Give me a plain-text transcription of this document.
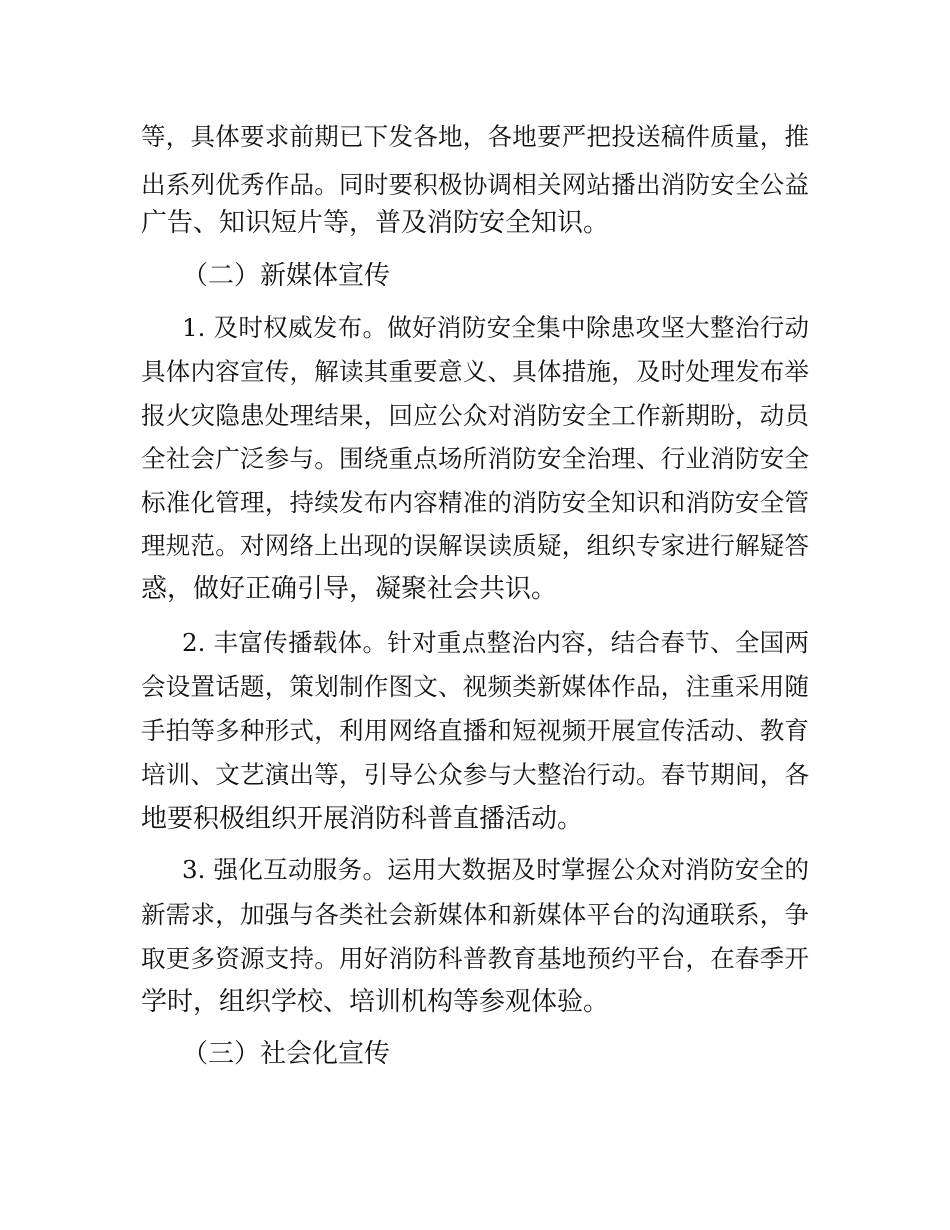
等，具体要求前期已下发各地，各地要严把投送稿件质量，推
出系列优秀作品。同时要积极协调相关网站播出消防安全公益
广告、知识短片等，普及消防安全知识。
（二）新媒体宣传
1. 及时权威发布。做好消防安全集中除患攻坚大整治行动
具体内容宣传，解读其重要意义、具体措施，及时处理发布举
报火灾隐患处理结果，回应公众对消防安全工作新期盼，动员
全社会广泛参与。围绕重点场所消防安全治理、行业消防安全
标准化管理，持续发布内容精准的消防安全知识和消防安全管
理规范。对网络上出现的误解误读质疑，组织专家进行解疑答
惑，做好正确引导，凝聚社会共识。
2. 丰富传播载体。针对重点整治内容，结合春节、全国两
会设置话题，策划制作图文、视频类新媒体作品，注重采用随
手拍等多种形式，利用网络直播和短视频开展宣传活动、教育
培训、文艺演出等，引导公众参与大整治行动。春节期间，各
地要积极组织开展消防科普直播活动。
3. 强化互动服务。运用大数据及时掌握公众对消防安全的
新需求，加强与各类社会新媒体和新媒体平台的沟通联系，争
取更多资源支持。用好消防科普教育基地预约平台，在春季开
学时，组织学校、培训机构等参观体验。
（三）社会化宣传
